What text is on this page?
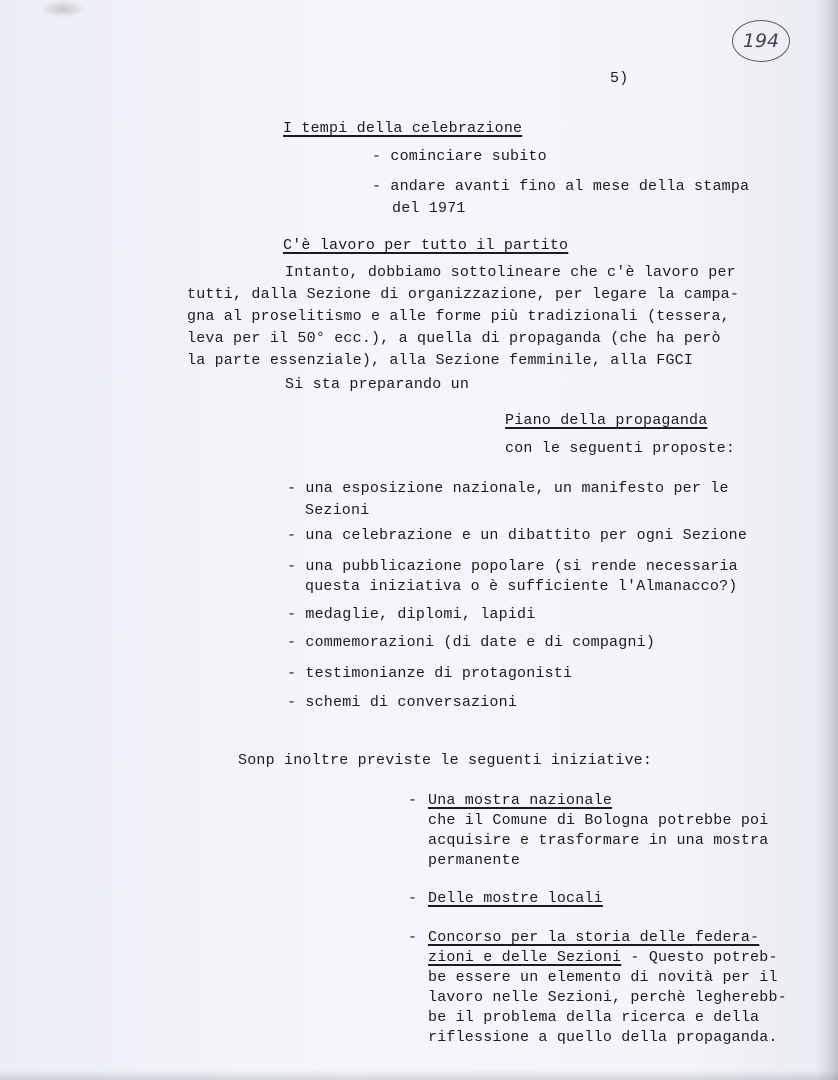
194
5)
I tempi della celebrazione
- cominciare subito
- andare avanti fino al mese della stampa
del 1971
C'è lavoro per tutto il partito
Intanto, dobbiamo sottolineare che c'è lavoro per
tutti, dalla Sezione di organizzazione, per legare la campa-
gna al proselitismo e alle forme più tradizionali (tessera,
leva per il 50° ecc.), a quella di propaganda (che ha però
la parte essenziale), alla Sezione femminile, alla FGCI
Si sta preparando un
Piano della propaganda
con le seguenti proposte:
- una esposizione nazionale, un manifesto per le
Sezioni
- una celebrazione e un dibattito per ogni Sezione
- una pubblicazione popolare (si rende necessaria
questa iniziativa o è sufficiente l'Almanacco?)
- medaglie, diplomi, lapidi
- commemorazioni (di date e di compagni)
- testimonianze di protagonisti
- schemi di conversazioni
Sonp inoltre previste le seguenti iniziative:
- Una mostra nazionale
che il Comune di Bologna potrebbe poi
acquisire e trasformare in una mostra
permanente
- Delle mostre locali
- Concorso per la storia delle federa-
zioni e delle Sezioni - Questo potreb-
be essere un elemento di novità per il
lavoro nelle Sezioni, perchè legherebb-
be il problema della ricerca e della
riflessione a quello della propaganda.
